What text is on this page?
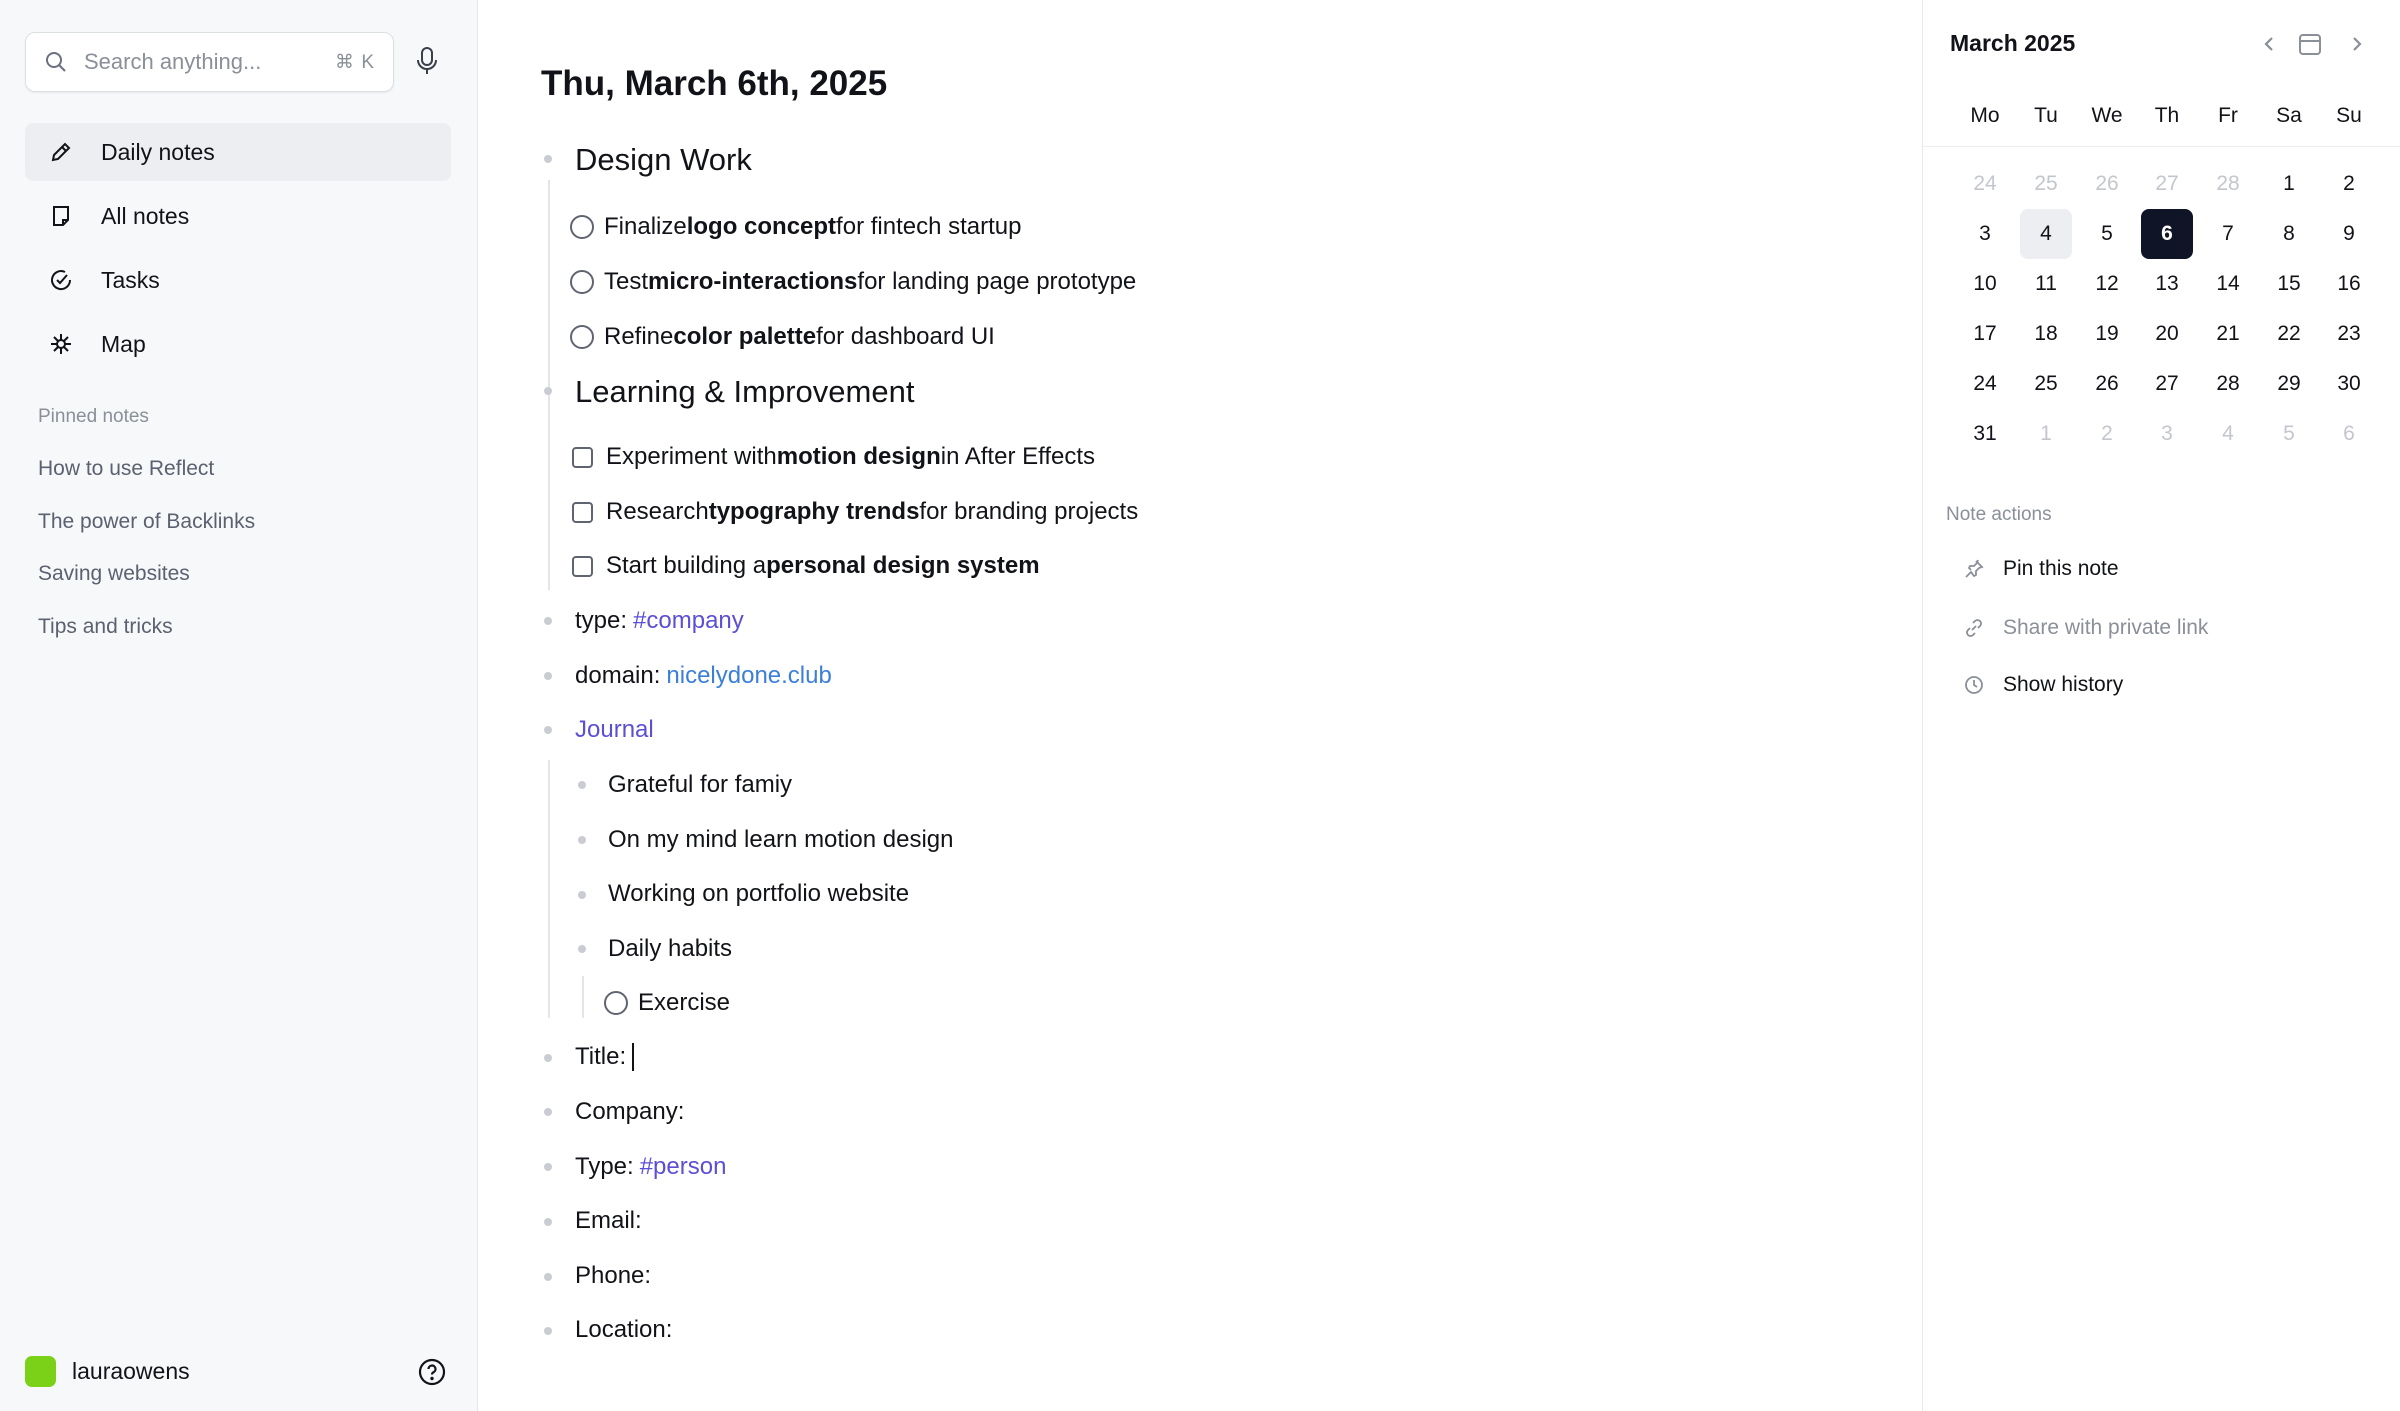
Search anything...	⌘ K
Daily notes
All notes
Tasks
Map
Pinned notes
How to use Reflect
The power of Backlinks
Saving websites
Tips and tricks
lauraowens
Thu, March 6th, 2025
Design Work
Finalize logo concept for fintech startup
Test micro-interactions for landing page prototype
Refine color palette for dashboard UI
Learning & Improvement
Experiment with motion design in After Effects
Research typography trends for branding projects
Start building a personal design system
type: #company
domain: nicelydone.club
Journal
Grateful for famiy
On my mind learn motion design
Working on portfolio website
Daily habits
Exercise
Title:
Company:
Type: #person
Email:
Phone:
Location:
March 2025
Mo	Tu	We	Th	Fr	Sa	Su
24	25	26	27	28	1	2
3	4	5	6	7	8	9
10	11	12	13	14	15	16
17	18	19	20	21	22	23
24	25	26	27	28	29	30
31	1	2	3	4	5	6
Note actions
Pin this note
Share with private link
Show history
